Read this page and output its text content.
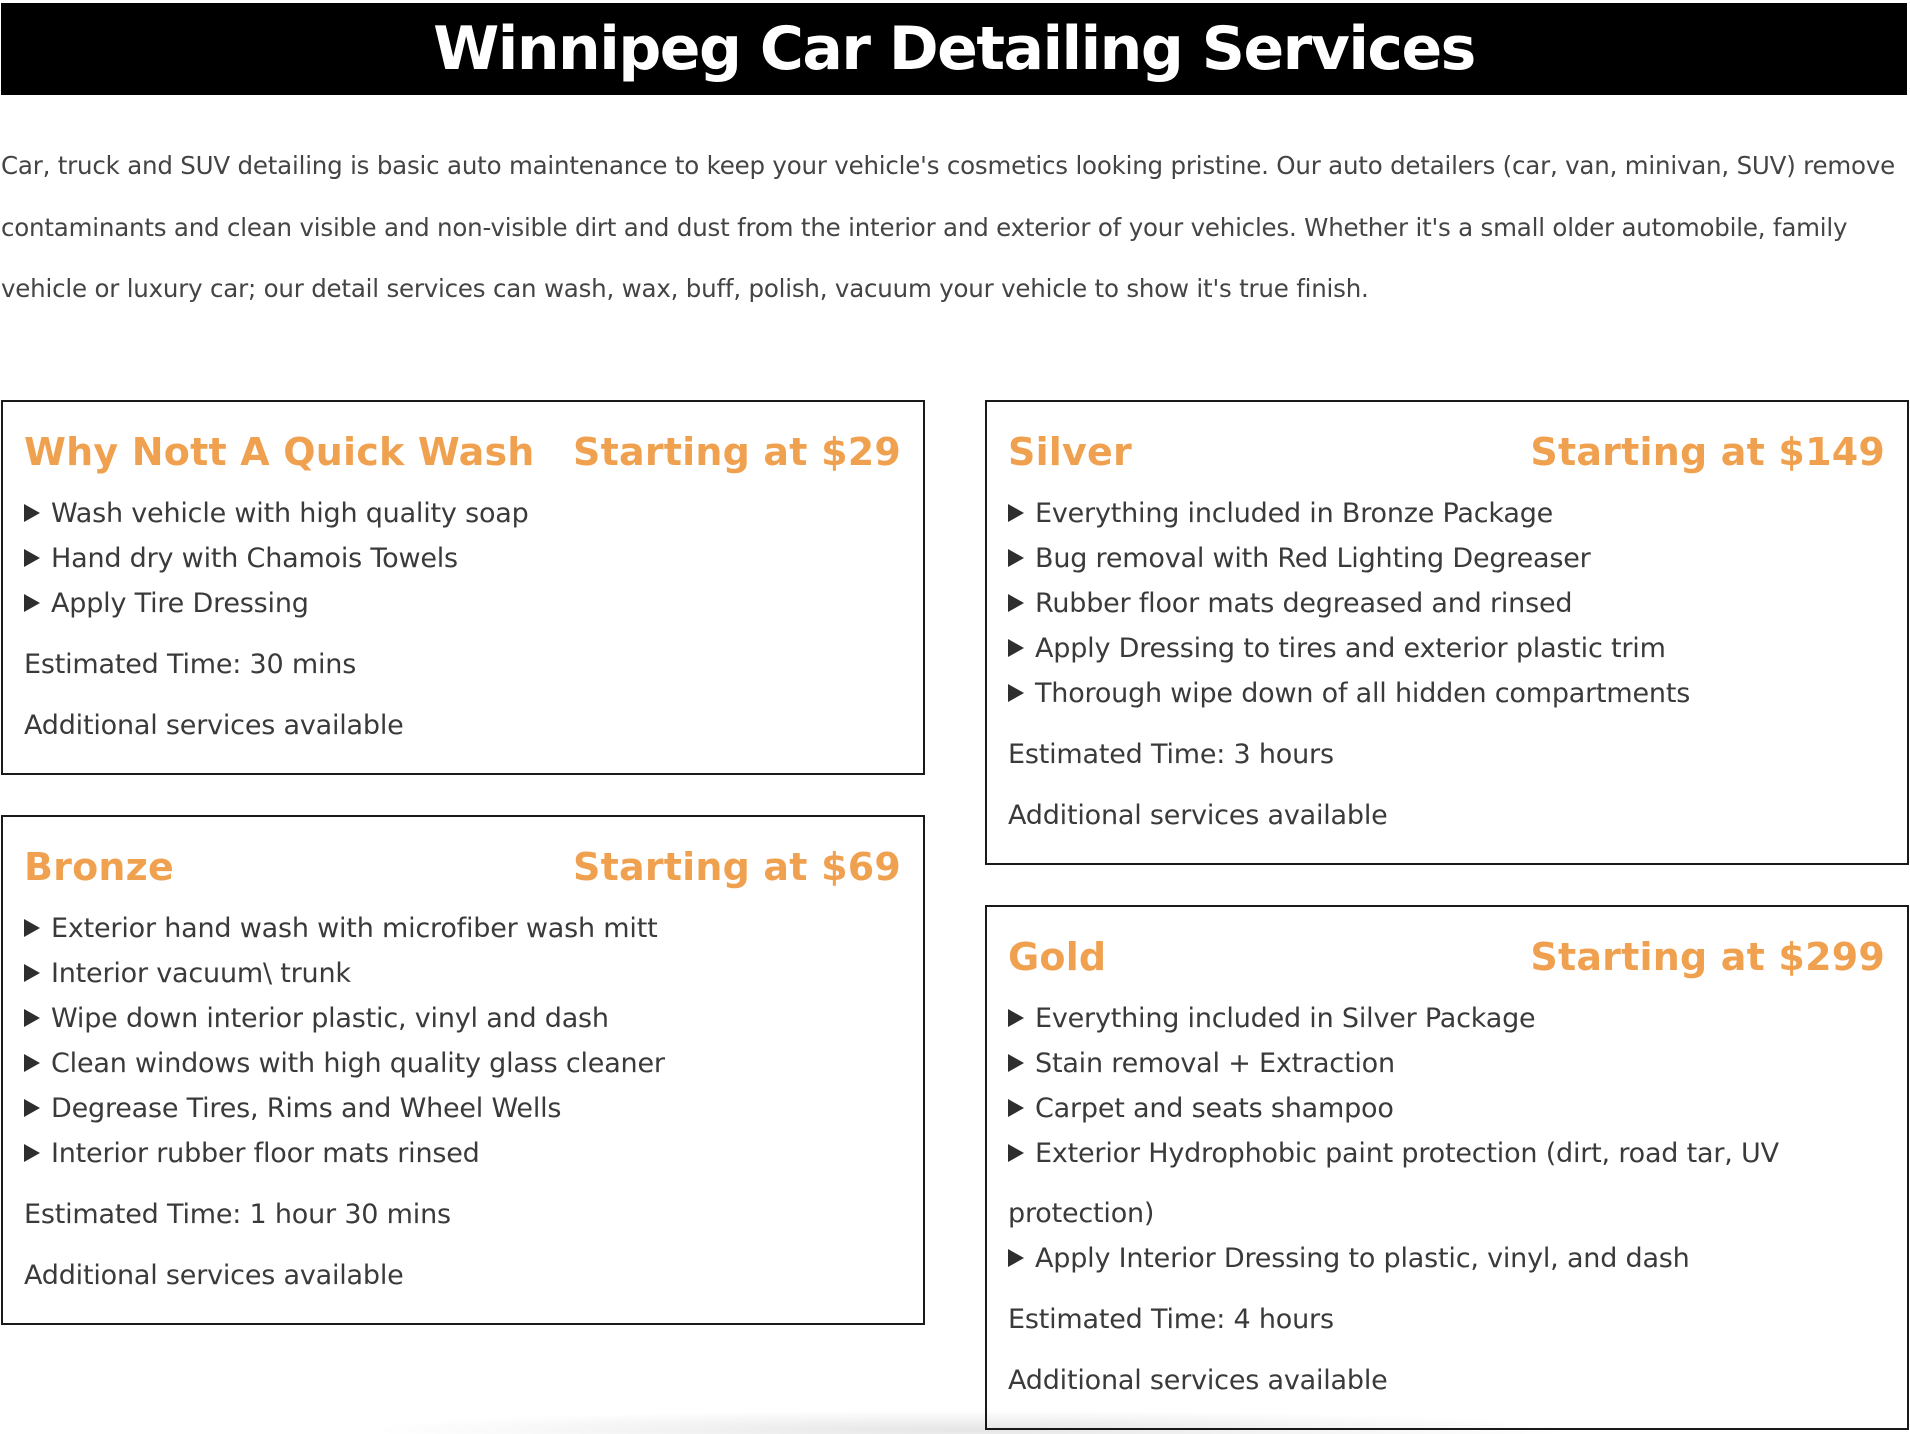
Winnipeg Car Detailing Services

Car, truck and SUV detailing is basic auto maintenance to keep your vehicle's cosmetics looking pristine. Our auto detailers (car, van, minivan, SUV) remove contaminants and clean visible and non-visible dirt and dust from the interior and exterior of your vehicles. Whether it's a small older automobile, family vehicle or luxury car; our detail services can wash, wax, buff, polish, vacuum your vehicle to show it's true finish.

Why Nott A Quick Wash Starting at $29
Wash vehicle with high quality soap
Hand dry with Chamois Towels
Apply Tire Dressing

Estimated Time: 30 mins

Additional services available

Bronze	Starting at $69
Exterior hand wash with microfiber wash mitt
Interior vacuum\ trunk
Wipe down interior plastic, vinyl and dash
Clean windows with high quality glass cleaner
Degrease Tires, Rims and Wheel Wells
Interior rubber floor mats rinsed

Estimated Time: 1 hour 30 mins

Additional services available

Silver	Starting at $149
Everything included in Bronze Package
Bug removal with Red Lighting Degreaser
Rubber floor mats degreased and rinsed
Apply Dressing to tires and exterior plastic trim
Thorough wipe down of all hidden compartments

Estimated Time: 3 hours

Additional services available

Gold	Starting at $299
Everything included in Silver Package
Stain removal + Extraction
Carpet and seats shampoo
Exterior Hydrophobic paint protection (dirt, road tar, UV
protection)
Apply Interior Dressing to plastic, vinyl, and dash

Estimated Time: 4 hours

Additional services available
